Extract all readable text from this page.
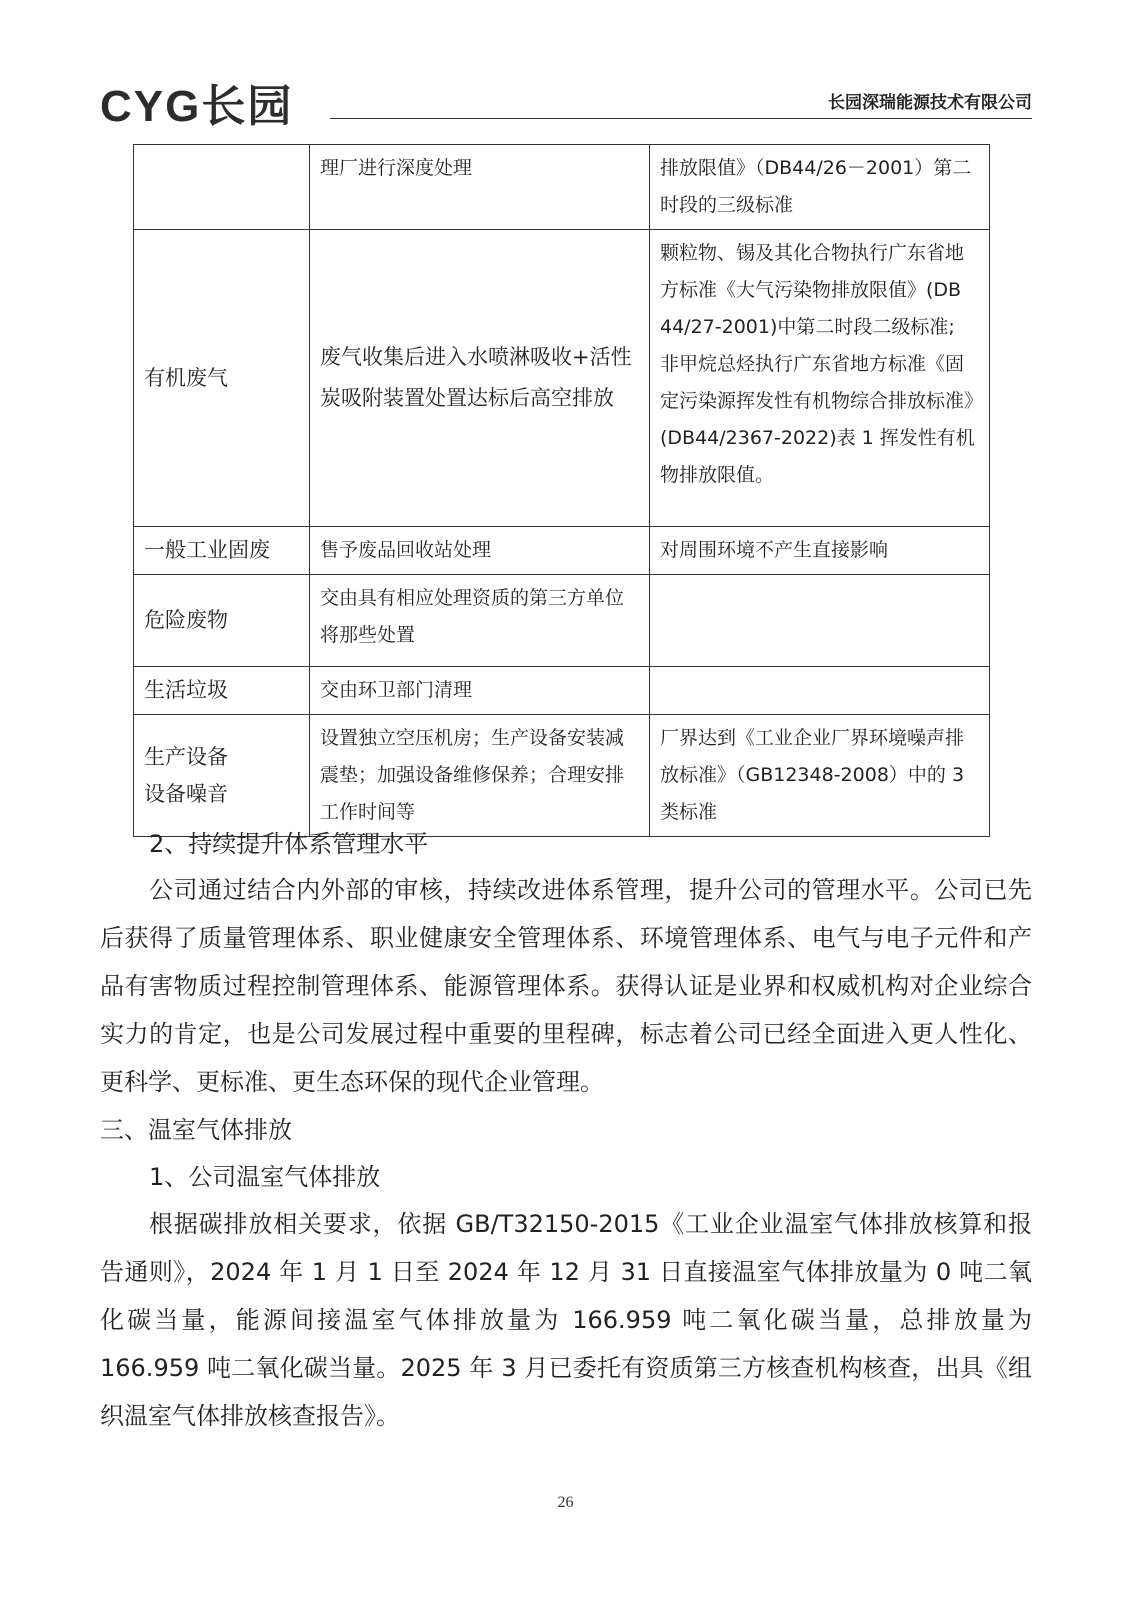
CYG长园	长园深瑞能源技术有限公司
	理厂进行深度处理	排放限值》（DB44/26－2001）第二时段的三级标准
有机废气	废气收集后进入水喷淋吸收+活性炭吸附装置处置达标后高空排放	颗粒物、锡及其化合物执行广东省地方标准《大气污染物排放限值》(DB 44/27-2001)中第二时段二级标准;
非甲烷总烃执行广东省地方标准《固定污染源挥发性有机物综合排放标准》(DB44/2367-2022)表 1 挥发性有机物排放限值。

一般工业固废	售予废品回收站处理	对周围环境不产生直接影响
危险废物	交由具有相应处理资质的第三方单位将那些处置	
生活垃圾	交由环卫部门清理	

生产设备
设备噪音	设置独立空压机房；生产设备安装减震垫；加强设备维修保养；合理安排工作时间等	厂界达到《工业企业厂界环境噪声排放标准》（GB12348-2008）中的 3 类标准
2、持续提升体系管理水平
公司通过结合内外部的审核，持续改进体系管理，提升公司的管理水平。公司已先后获得了质量管理体系、职业健康安全管理体系、环境管理体系、电气与电子元件和产品有害物质过程控制管理体系、能源管理体系。获得认证是业界和权威机构对企业综合实力的肯定，也是公司发展过程中重要的里程碑，标志着公司已经全面进入更人性化、更科学、更标准、更生态环保的现代企业管理。
三、温室气体排放
1、公司温室气体排放
根据碳排放相关要求，依据 GB/T32150-2015《工业企业温室气体排放核算和报告通则》，2024 年 1 月 1 日至 2024 年 12 月 31 日直接温室气体排放量为 0 吨二氧化碳当量，能源间接温室气体排放量为 166.959 吨二氧化碳当量，总排放量为 166.959 吨二氧化碳当量。2025 年 3 月已委托有资质第三方核查机构核查，出具《组织温室气体排放核查报告》。
26
